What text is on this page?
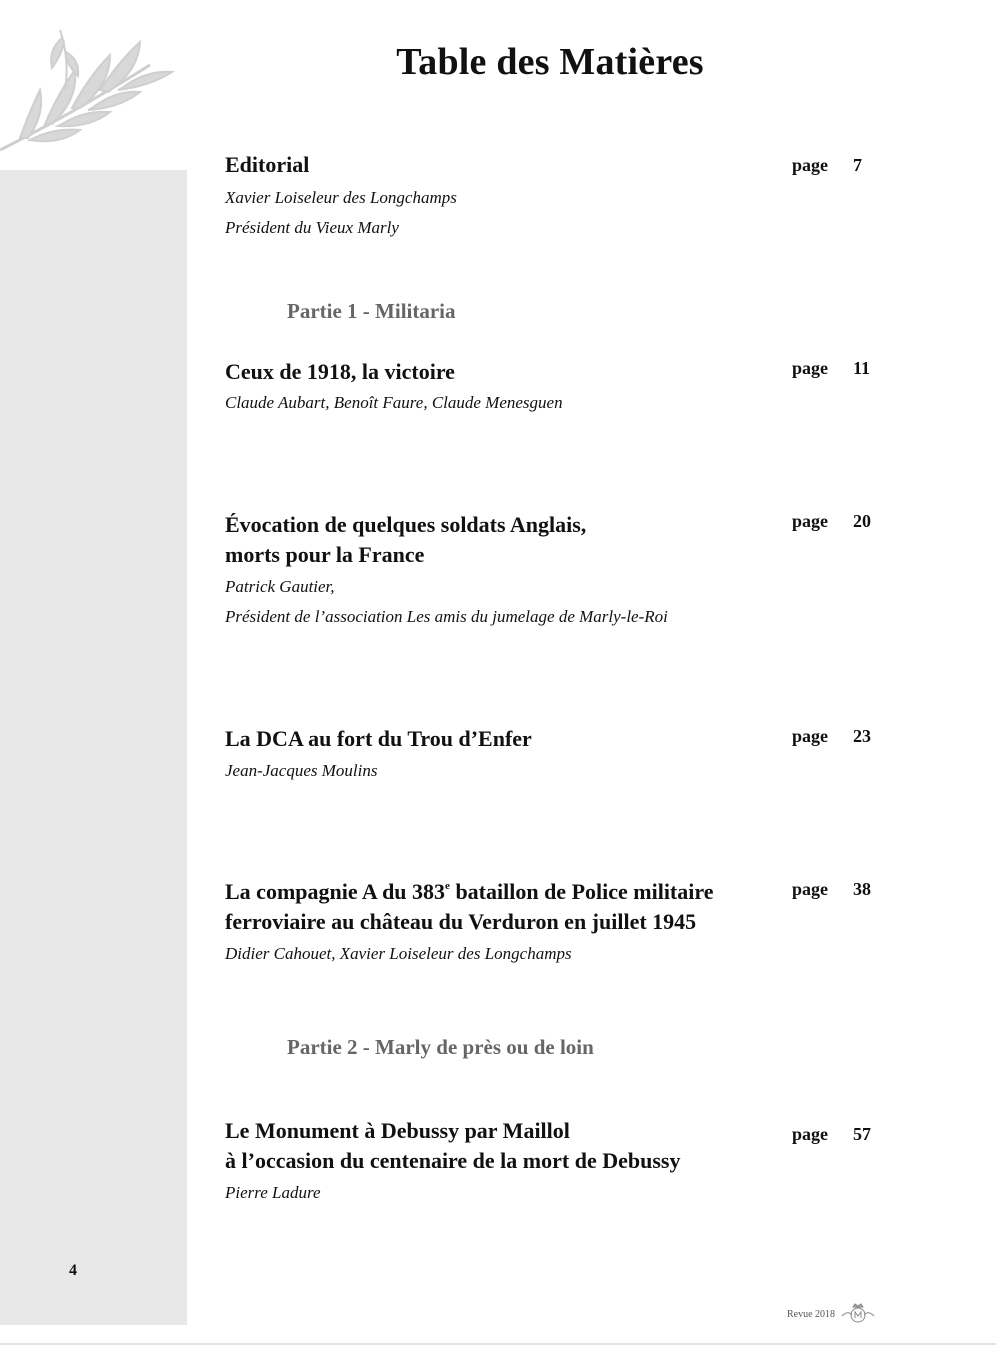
Table des Matières
Editorial	page 7
Xavier Loiseleur des Longchamps
Président du Vieux Marly
Partie 1 - Militaria
Ceux de 1918, la victoire	page 11
Claude Aubart, Benoît Faure, Claude Menesguen
Évocation de quelques soldats Anglais,
morts pour la France
page 20
Patrick Gautier,
Président de l’association Les amis du jumelage de Marly-le-Roi
La DCA au fort du Trou d’Enfer	page 23
Jean-Jacques Moulins
La compagnie A du 383e bataillon de Police militaire
ferroviaire au château du Verduron en juillet 1945
page 38
Didier Cahouet, Xavier Loiseleur des Longchamps
Partie 2 - Marly de près ou de loin
Le Monument à Debussy par Maillol
à l’occasion du centenaire de la mort de Debussy
page 57
Pierre Ladure
4
Revue 2018
